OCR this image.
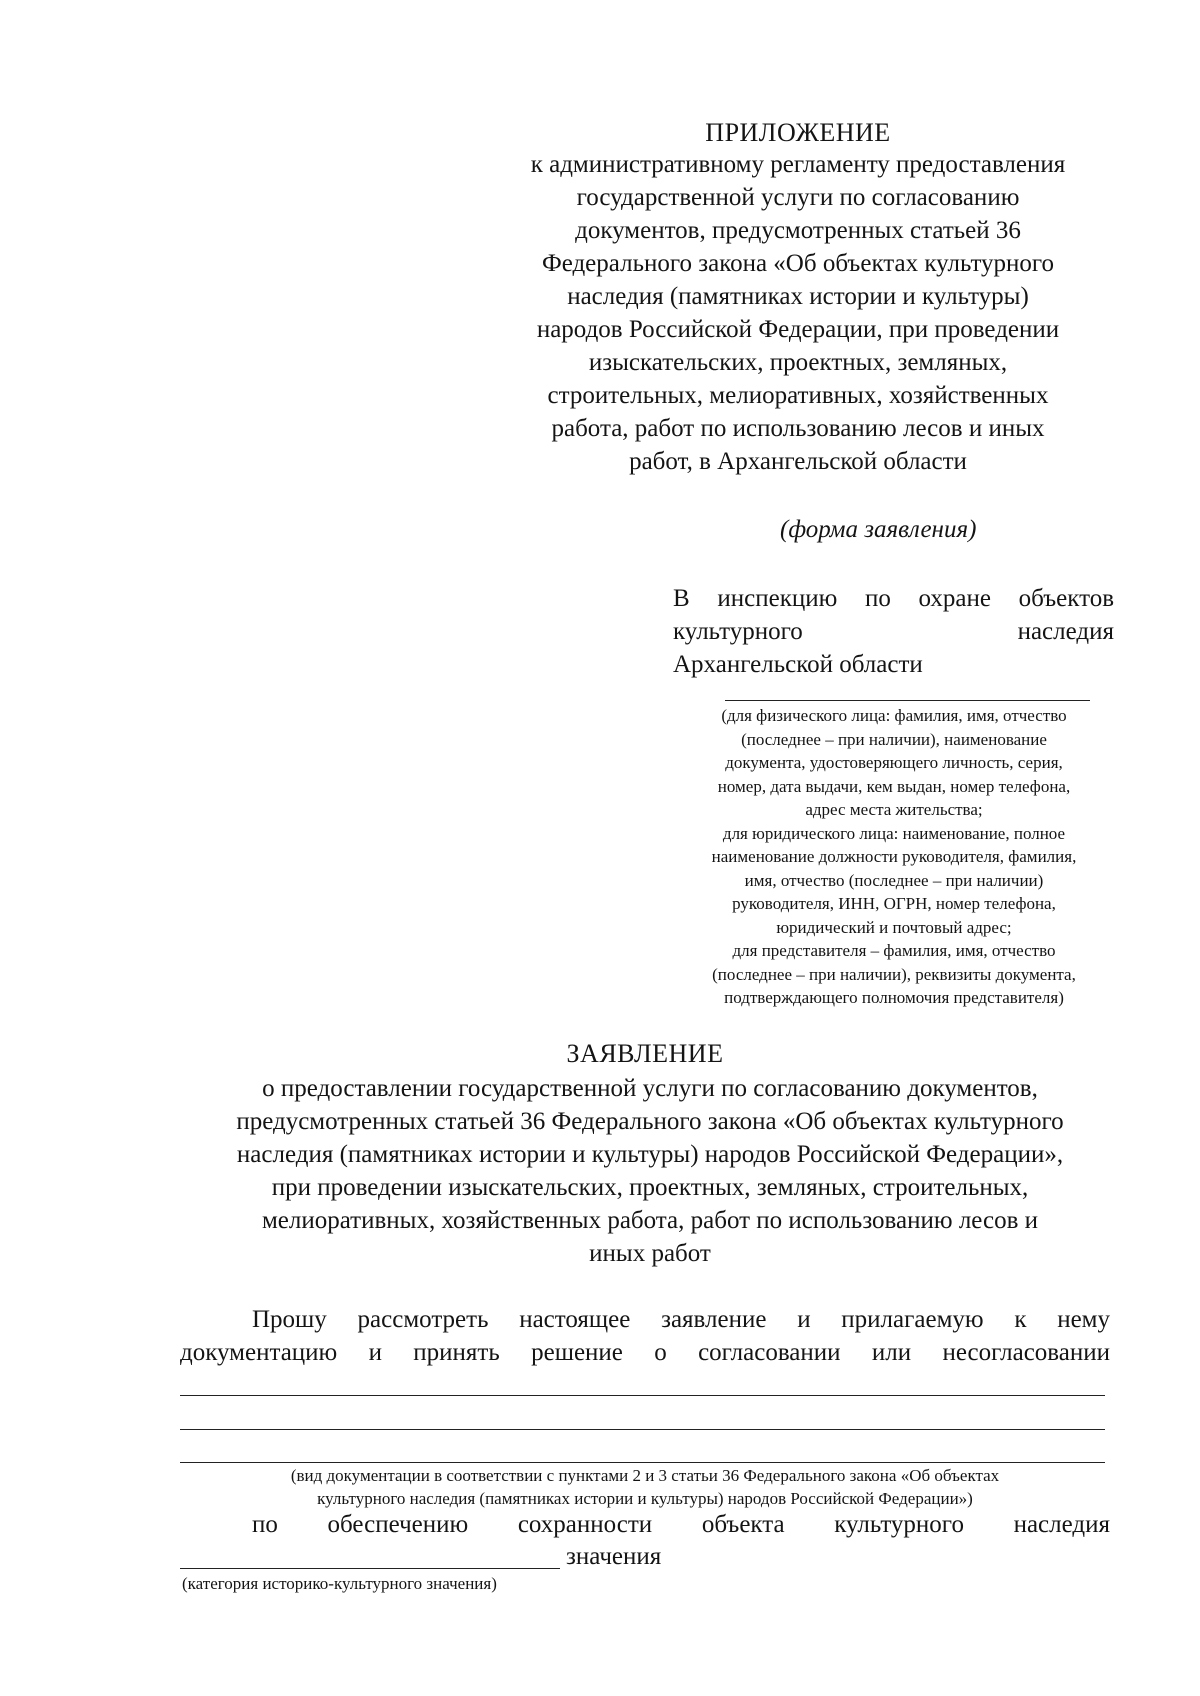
ПРИЛОЖЕНИЕ
к административному регламенту предоставления
государственной услуги по согласованию
документов, предусмотренных статьей 36
Федерального закона «Об объектах культурного
наследия (памятниках истории и культуры)
народов Российской Федерации, при проведении
изыскательских, проектных, земляных,
строительных, мелиоративных, хозяйственных
работа, работ по использованию лесов и иных
работ, в Архангельской области
(форма заявления)
В инспекцию по охране объектов
культурного наследия
Архангельской области
(для физического лица: фамилия, имя, отчество
(последнее – при наличии), наименование
документа, удостоверяющего личность, серия,
номер, дата выдачи, кем выдан, номер телефона,
адрес места жительства;
для юридического лица: наименование, полное
наименование должности руководителя, фамилия,
имя, отчество (последнее – при наличии)
руководителя, ИНН, ОГРН, номер телефона,
юридический и почтовый адрес;
для представителя – фамилия, имя, отчество
(последнее – при наличии), реквизиты документа,
подтверждающего полномочия представителя)
ЗАЯВЛЕНИЕ
о предоставлении государственной услуги по согласованию документов,
предусмотренных статьей 36 Федерального закона «Об объектах культурного
наследия (памятниках истории и культуры) народов Российской Федерации»,
при проведении изыскательских, проектных, земляных, строительных,
мелиоративных, хозяйственных работа, работ по использованию лесов и
иных работ
Прошу рассмотреть настоящее заявление и прилагаемую к нему
документацию и принять решение о согласовании или несогласовании
(вид документации в соответствии с пунктами 2 и 3 статьи 36 Федерального закона «Об объектах
культурного наследия (памятниках истории и культуры) народов Российской Федерации»)
по обеспечению сохранности объекта культурного наследия
значения
(категория историко-культурного значения)
